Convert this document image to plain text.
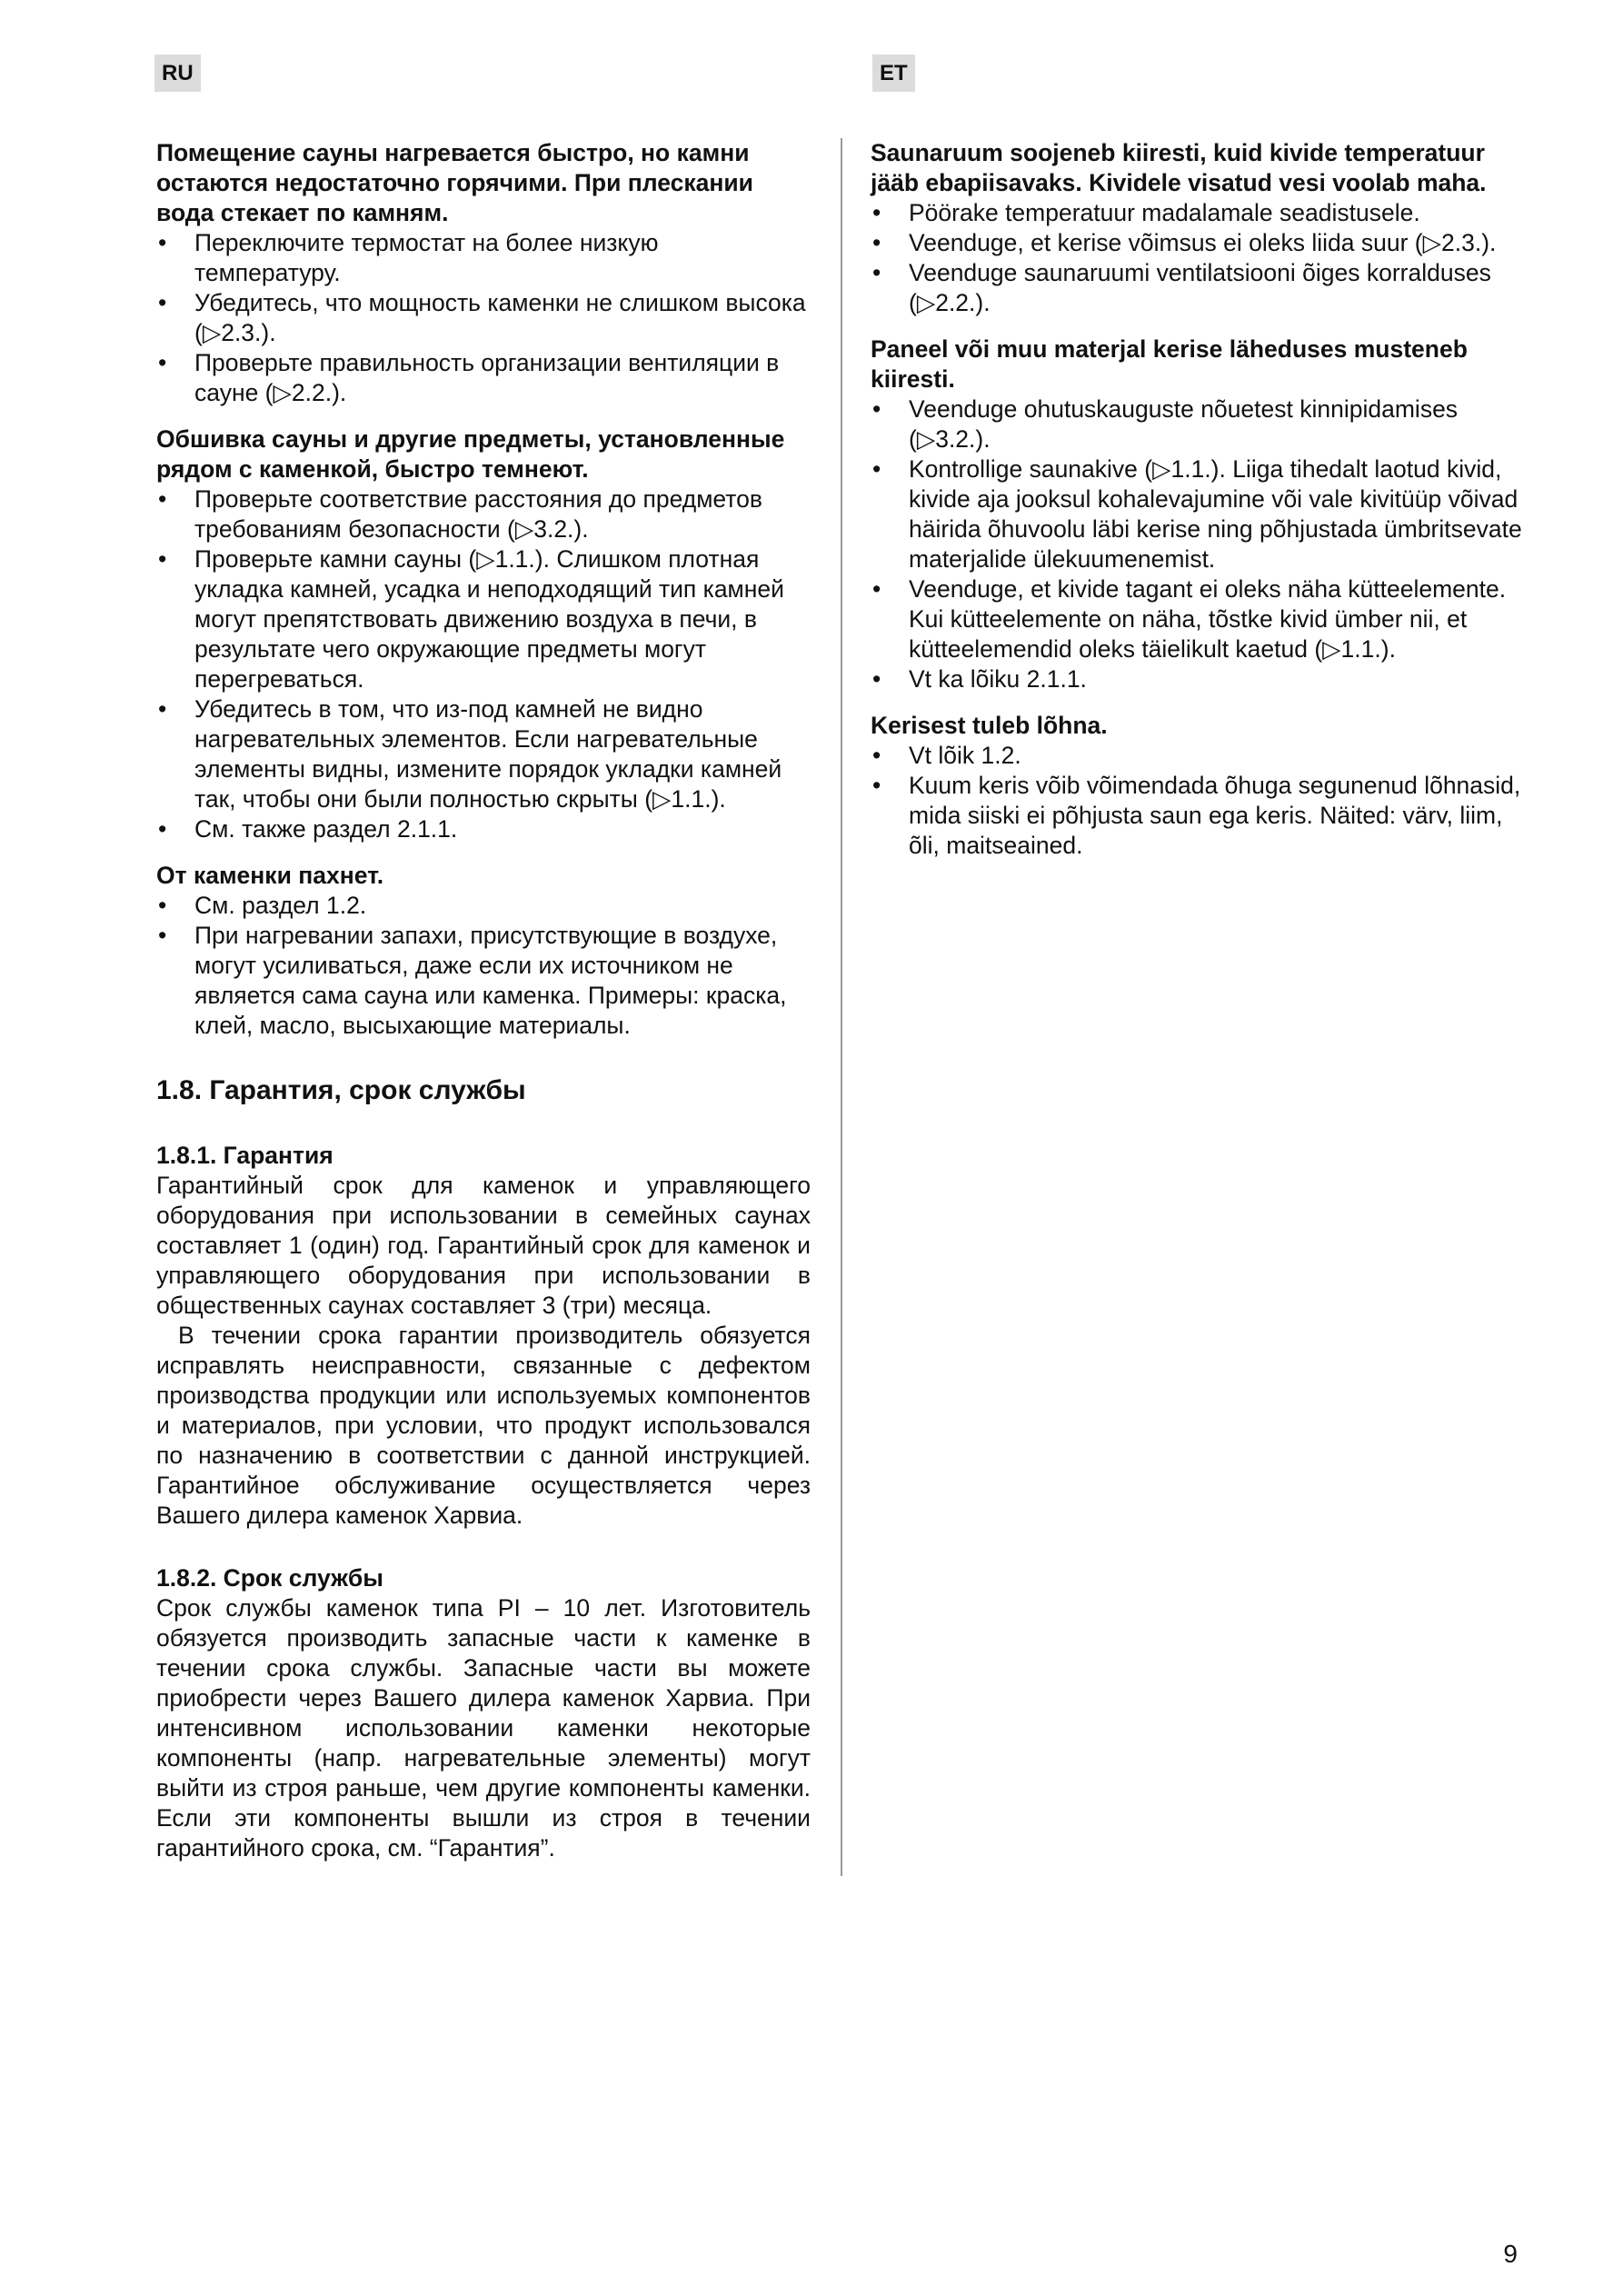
RU	ET

Помещение сауны нагревается быстро, но камни остаются недостаточно горячими. При плескании вода стекает по камням.

• Переключите термостат на более низкую температуру.
• Убедитесь, что мощность каменки не слишком высока (▷2.3.).
• Проверьте правильность организации вентиляции в сауне (▷2.2.).

Обшивка сауны и другие предметы, установленные рядом с каменкой, быстро темнеют.

• Проверьте соответствие расстояния до предметов требованиям безопасности (▷3.2.).
• Проверьте камни сауны (▷1.1.). Слишком плотная укладка камней, усадка и неподходящий тип камней могут препятствовать движению воздуха в печи, в результате чего окружающие предметы могут перегреваться.
• Убедитесь в том, что из-под камней не видно нагревательных элементов. Если нагревательные элементы видны, измените порядок укладки камней так, чтобы они были полностью скрыты (▷1.1.).
• См. также раздел 2.1.1.

От каменки пахнет.

• См. раздел 1.2.
• При нагревании запахи, присутствующие в воздухе, могут усиливаться, даже если их источником не является сама сауна или каменка. Примеры: краска, клей, масло, высыхающие материалы.

1.8. Гарантия, срок службы

1.8.1. Гарантия

Гарантийный срок для каменок и управляющего оборудования при использовании в семейных саунах составляет 1 (один) год. Гарантийный срок для каменок и управляющего оборудования при использовании в общественных саунах составляет 3 (три) месяца.

В течении срока гарантии производитель обязуется исправлять неисправности, связанные с дефектом производства продукции или используемых компонентов и материалов, при условии, что продукт использовался по назначению в соответствии с данной инструкцией. Гарантийное обслуживание осуществляется через Вашего дилера каменок Харвиа.

1.8.2. Срок службы

Срок службы каменок типа PI – 10 лет. Изготовитель обязуется производить запасные части к каменке в течении срока службы. Запасные части вы можете приобрести через Вашего дилера каменок Харвиа. При интенсивном использовании каменки некоторые компоненты (напр. нагревательные элементы) могут выйти из строя раньше, чем другие компоненты каменки. Если эти компоненты вышли из строя в течении гарантийного срока, см. “Гарантия”.

Saunaruum soojeneb kiiresti, kuid kivide temperatuur jääb ebapiisavaks. Kividele visatud vesi voolab maha.

• Pöörake temperatuur madalamale seadistusele.
• Veenduge, et kerise võimsus ei oleks liida suur (▷2.3.).
• Veenduge saunaruumi ventilatsiooni õiges korralduses (▷2.2.).

Paneel või muu materjal kerise läheduses musteneb kiiresti.

• Veenduge ohutuskauguste nõuetest kinnipidamises (▷3.2.).
• Kontrollige saunakive (▷1.1.). Liiga tihedalt laotud kivid, kivide aja jooksul kohalevajumine või vale kivitüüp võivad häirida õhuvoolu läbi kerise ning põhjustada ümbritsevate materjalide ülekuumenemist.
• Veenduge, et kivide tagant ei oleks näha kütteelemente. Kui kütteelemente on näha, tõstke kivid ümber nii, et kütteelemendid oleks täielikult kaetud (▷1.1.).
• Vt ka lõiku 2.1.1.

Kerisest tuleb lõhna.

• Vt lõik 1.2.
• Kuum keris võib võimendada õhuga segunenud lõhnasid, mida siiski ei põhjusta saun ega keris. Näited: värv, liim, õli, maitseained.
9
